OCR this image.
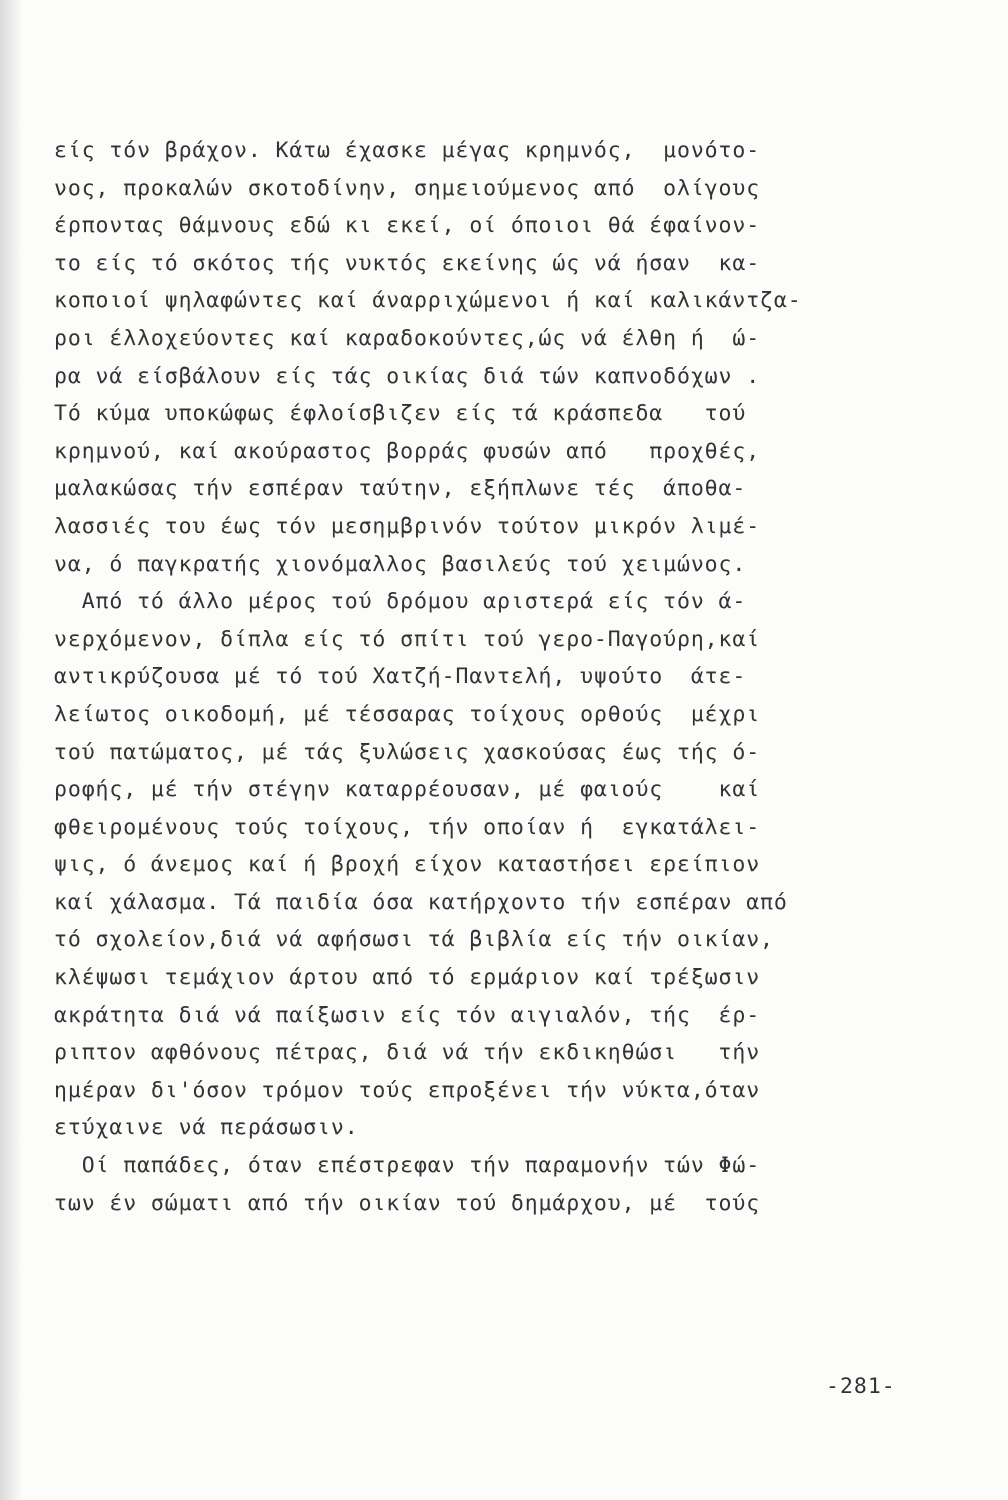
είς τόν βράχον. Κάτω έχασκε μέγας κρημνός,  μονότο-
νος, προκαλών σκοτοδίνην, σημειούμενος από  ολίγους
έρποντας θάμνους εδώ κι εκεί, οί όποιοι θά έφαίνον-
το είς τό σκότος τής νυκτός εκείνης ώς νά ήσαν  κα-
κοποιοί ψηλαφώντες καί άναρριχώμενοι ή καί καλικάντζα-
ροι έλλοχεύοντες καί καραδοκούντες,ώς νά έλθη ή  ώ-
ρα νά είσβάλουν είς τάς οικίας διά τών καπνοδόχων .
Τό κύμα υποκώφως έφλοίσβιζεν είς τά κράσπεδα   τού
κρημνού, καί ακούραστος βορράς φυσών από   προχθές,
μαλακώσας τήν εσπέραν ταύτην, εξήπλωνε τές  άποθα-
λασσιές του έως τόν μεσημβρινόν τούτον μικρόν λιμέ-
να, ό παγκρατής χιονόμαλλος βασιλεύς τού χειμώνος.
Από τό άλλο μέρος τού δρόμου αριστερά είς τόν ά-
νερχόμενον, δίπλα είς τό σπίτι τού γερο-Παγούρη,καί
αντικρύζουσα μέ τό τού Χατζή-Παντελή, υψούτο  άτε-
λείωτος οικοδομή, μέ τέσσαρας τοίχους ορθούς  μέχρι
τού πατώματος, μέ τάς ξυλώσεις χασκούσας έως τής ό-
ροφής, μέ τήν στέγην καταρρέουσαν, μέ φαιούς    καί
φθειρομένους τούς τοίχους, τήν οποίαν ή  εγκατάλει-
ψις, ό άνεμος καί ή βροχή είχον καταστήσει ερείπιον
καί χάλασμα. Τά παιδία όσα κατήρχοντο τήν εσπέραν από
τό σχολείον,διά νά αφήσωσι τά βιβλία είς τήν οικίαν,
κλέψωσι τεμάχιον άρτου από τό ερμάριον καί τρέξωσιν
ακράτητα διά νά παίξωσιν είς τόν αιγιαλόν, τής  έρ-
ριπτον αφθόνους πέτρας, διά νά τήν εκδικηθώσι   τήν
ημέραν δι'όσον τρόμον τούς επροξένει τήν νύκτα,όταν
ετύχαινε νά περάσωσιν.
Οί παπάδες, όταν επέστρεφαν τήν παραμονήν τών Φώ-
των έν σώματι από τήν οικίαν τού δημάρχου, μέ  τούς
-281-
